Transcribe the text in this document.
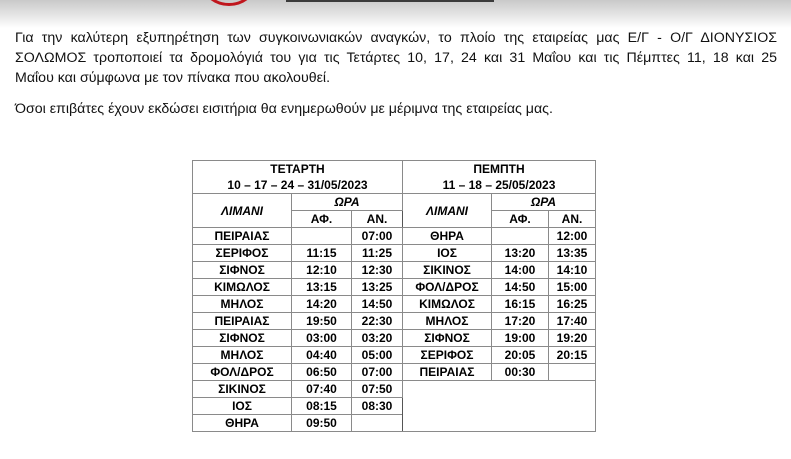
Για την καλύτερη εξυπηρέτηση των συγκοινωνιακών αναγκών, το πλοίο της εταιρείας μας Ε/Γ - Ο/Γ ΔΙΟΝΥΣΙΟΣ
ΣΟΛΩΜΟΣ τροποποιεί τα δρομολόγιά του για τις Τετάρτες 10, 17, 24 και 31 Μαΐου και τις Πέμπτες 11, 18 και 25
Μαΐου και σύμφωνα με τον πίνακα που ακολουθεί.
Όσοι επιβάτες έχουν εκδώσει εισιτήρια θα ενημερωθούν με μέριμνα της εταιρείας μας.
ΤΕΤΑΡΤΗ			ΠΕΜΠΤΗ		
10 – 17 – 24 – 31/05/2023			11 – 18 – 25/05/2023		
ΛΙΜΑΝΙ	ΩΡΑ		ΛΙΜΑΝΙ	ΩΡΑ	
	ΑΦ.	ΑΝ.		ΑΦ.	ΑΝ.
ΠΕΙΡΑΙΑΣ		07:00	ΘΗΡΑ		12:00
ΣΕΡΙΦΟΣ	11:15	11:25	ΙΟΣ	13:20	13:35
ΣΙΦΝΟΣ	12:10	12:30	ΣΙΚΙΝΟΣ	14:00	14:10
ΚΙΜΩΛΟΣ	13:15	13:25	ΦΟΛ/ΔΡΟΣ	14:50	15:00
ΜΗΛΟΣ	14:20	14:50	ΚΙΜΩΛΟΣ	16:15	16:25
ΠΕΙΡΑΙΑΣ	19:50	22:30	ΜΗΛΟΣ	17:20	17:40
ΣΙΦΝΟΣ	03:00	03:20	ΣΙΦΝΟΣ	19:00	19:20
ΜΗΛΟΣ	04:40	05:00	ΣΕΡΙΦΟΣ	20:05	20:15
ΦΟΛ/ΔΡΟΣ	06:50	07:00	ΠΕΙΡΑΙΑΣ	00:30	
ΣΙΚΙΝΟΣ	07:40	07:50			
ΙΟΣ	08:15	08:30			
ΘΗΡΑ	09:50				
